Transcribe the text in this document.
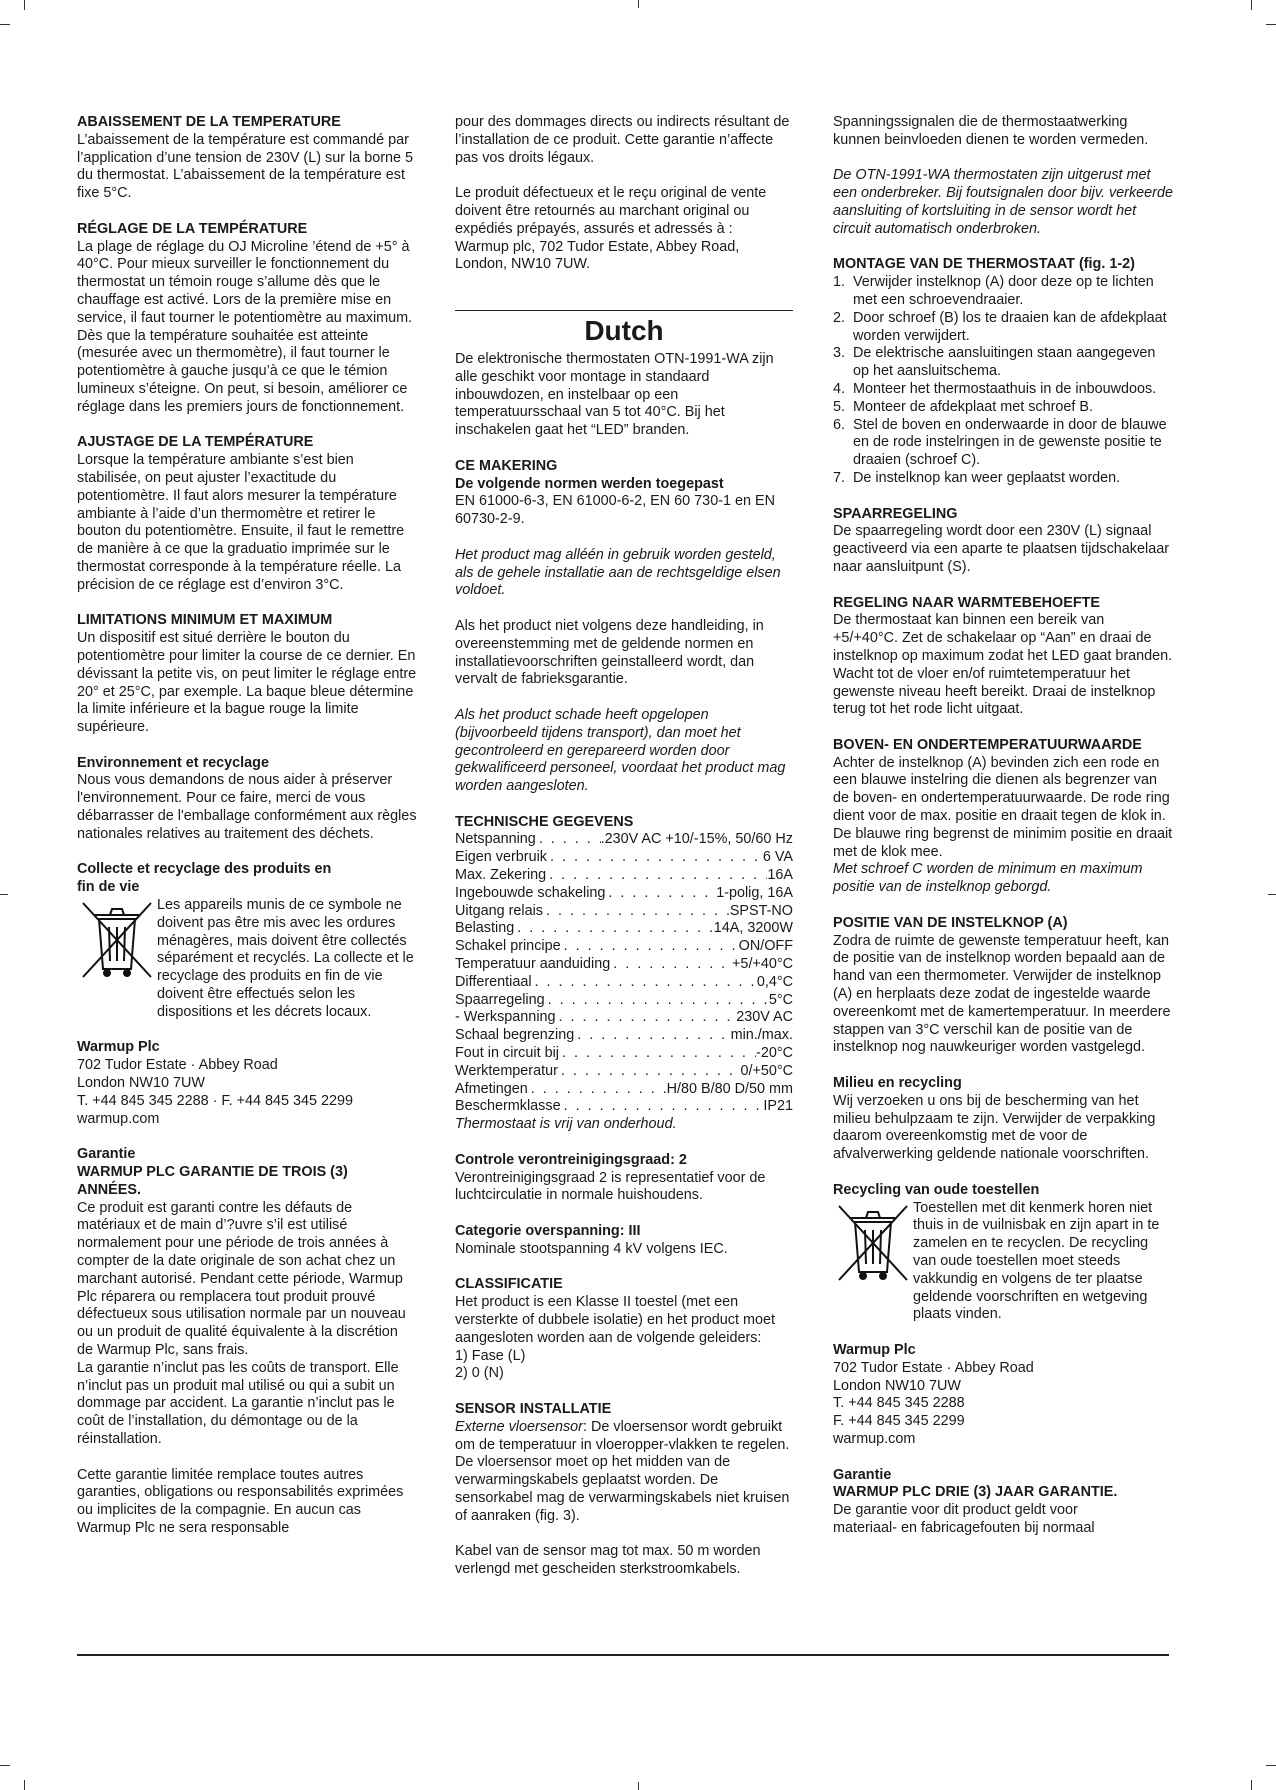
ABAISSEMENT DE LA TEMPERATURE

L’abaissement de la température est commandé par l’application d’une tension de 230V (L) sur la borne 5 du thermostat. L’abaissement de la température est fixe 5°C.

RÉGLAGE DE LA TEMPÉRATURE

La plage de réglage du OJ Microline ’étend de +5° à 40°C. Pour mieux surveiller le fonctionnement du thermostat un témoin rouge s’allume dès que le chauffage est activé. Lors de la première mise en service, il faut tourner le potentiomètre au maximum. Dès que la température souhaitée est atteinte (mesurée avec un thermomètre), il faut tourner le potentiomètre à gauche jusqu’à ce que le témion lumineux s’éteigne. On peut, si besoin, améliorer ce réglage dans les premiers jours de fonctionnement.

AJUSTAGE DE LA TEMPÉRATURE

Lorsque la température ambiante s’est bien stabilisée, on peut ajuster l’exactitude du potentiomètre. Il faut alors mesurer la température ambiante à l’aide d’un thermomètre et retirer le bouton du potentiomètre. Ensuite, il faut le remettre de manière à ce que la graduatio imprimée sur le thermostat corresponde à la température réelle. La précision de ce réglage est d’environ 3°C.

LIMITATIONS MINIMUM ET MAXIMUM

Un dispositif est situé derrière le bouton du potentiomètre pour limiter la course de ce dernier. En dévissant la petite vis, on peut limiter le réglage entre 20° et 25°C, par exemple. La baque bleue détermine la limite inférieure et la bague rouge la limite supérieure.

Environnement et recyclage

Nous vous demandons de nous aider à préserver l'environnement. Pour ce faire, merci de vous débarrasser de l'emballage conformément aux règles nationales relatives au traitement des déchets.

Collecte et recyclage des produits en fin de vie

Les appareils munis de ce symbole ne doivent pas être mis avec les ordures ménagères, mais doivent être collectés séparément et recyclés. La collecte et le recyclage des produits en fin de vie doivent être effectués selon les dispositions et les décrets locaux.

Warmup Plc

702 Tudor Estate · Abbey Road

London NW10 7UW

T. +44 845 345 2288 · F. +44 845 345 2299

warmup.com

Garantie

WARMUP PLC GARANTIE DE TROIS (3) ANNÉES.

Ce produit est garanti contre les défauts de matériaux et de main d’?uvre s’il est utilisé normalement pour une période de trois années à compter de la date originale de son achat chez un marchant autorisé. Pendant cette période, Warmup Plc réparera ou remplacera tout produit prouvé défectueux sous utilisation normale par un nouveau ou un produit de qualité équivalente à la discrétion de Warmup Plc, sans frais.

La garantie n’inclut pas les coûts de transport. Elle n’inclut pas un produit mal utilisé ou qui a subit un dommage par accident. La garantie n’inclut pas le coût de l’installation, du démontage ou de la réinstallation.

Cette garantie limitée remplace toutes autres garanties, obligations ou responsabilités exprimées ou implicites de la compagnie. En aucun cas Warmup Plc ne sera responsable

pour des dommages directs ou indirects résultant de l’installation de ce produit. Cette garantie n’affecte pas vos droits légaux.

Le produit défectueux et le reçu original de vente doivent être retournés au marchant original ou expédiés prépayés, assurés et adressés à :

Warmup plc, 702 Tudor Estate, Abbey Road, London, NW10 7UW.

Dutch

De elektronische thermostaten OTN-1991-WA zijn alle geschikt voor montage in standaard inbouwdozen, en instelbaar op een temperatuursschaal van 5 tot 40°C. Bij het inschakelen gaat het “LED” branden.

CE MAKERING

De volgende normen werden toegepast

EN 61000-6-3, EN 61000-6-2, EN 60 730-1 en EN 60730-2-9.

Het product mag alléén in gebruik worden gesteld, als de gehele installatie aan de rechtsgeldige elsen voldoet.

Als het product niet volgens deze handleiding, in overeenstemming met de geldende normen en installatievoorschriften geinstalleerd wordt, dan vervalt de fabrieksgarantie.

Als het product schade heeft opgelopen (bijvoorbeeld tijdens transport), dan moet het gecontroleerd en gerepareerd worden door gekwalificeerd personeel, voordaat het product mag worden aangesloten.

TECHNISCHE GEGEVENS

Netspanning . . .	.230V AC +10/-15%, 50/60 Hz
Eigen verbruik . . .	6 VA
Max. Zekering . . .	16A
Ingebouwde schakeling . . .	1-polig, 16A
Uitgang relais . . .	SPST-NO
Belasting . . .	14A, 3200W
Schakel principe . . .	ON/OFF
Temperatuur aanduiding . . .	+5/+40°C
Differentiaal . . .	0,4°C
Spaarregeling . . .	5°C
- Werkspanning . . .	230V AC
Schaal begrenzing . . .	min./max.
Fout in circuit bij . . .	-20°C
Werktemperatur . . .	0/+50°C
Afmetingen . . .	H/80 B/80 D/50 mm
Beschermklasse . . .	IP21

Thermostaat is vrij van onderhoud.

Controle verontreinigingsgraad: 2

Verontreinigingsgraad 2 is representatief voor de luchtcirculatie in normale huishoudens.

Categorie overspanning: III

Nominale stootspanning 4 kV volgens IEC.

CLASSIFICATIE

Het product is een Klasse II toestel (met een versterkte of dubbele isolatie) en het product moet aangesloten worden aan de volgende geleiders:

1) Fase (L)

2) 0 (N)

SENSOR INSTALLATIE

Externe vloersensor: De vloersensor wordt gebruikt om de temperatuur in vloeropper-vlakken te regelen. De vloersensor moet op het midden van de verwarmingskabels geplaatst worden. De sensorkabel mag de verwarmingskabels niet kruisen of aanraken (fig. 3).

Kabel van de sensor mag tot max. 50 m worden verlengd met gescheiden sterkstroomkabels.

Spanningssignalen die de thermostaatwerking kunnen beinvloeden dienen te worden vermeden.

De OTN-1991-WA thermostaten zijn uitgerust met een onderbreker. Bij foutsignalen door bijv. verkeerde aansluiting of kortsluiting in de sensor wordt het circuit automatisch onderbroken.

MONTAGE VAN DE THERMOSTAAT (fig. 1-2)

1. Verwijder instelknop (A) door deze op te lichten met een schroevendraaier.
2. Door schroef (B) los te draaien kan de afdekplaat worden verwijdert.
3. De elektrische aansluitingen staan aangegeven op het aansluitschema.
4. Monteer het thermostaathuis in de inbouwdoos.
5. Monteer de afdekplaat met schroef B.
6. Stel de boven en onderwaarde in door de blauwe en de rode instelringen in de gewenste positie te draaien (schroef C).
7. De instelknop kan weer geplaatst worden.

SPAARREGELING

De spaarregeling wordt door een 230V (L) signaal geactiveerd via een aparte te plaatsen tijdschakelaar naar aansluitpunt (S).

REGELING NAAR WARMTEBEHOEFTE

De thermostaat kan binnen een bereik van +5/+40°C. Zet de schakelaar op “Aan” en draai de instelknop op maximum zodat het LED gaat branden. Wacht tot de vloer en/of ruimtetemperatuur het gewenste niveau heeft bereikt. Draai de instelknop terug tot het rode licht uitgaat.

BOVEN- EN ONDERTEMPERATUURWAARDE

Achter de instelknop (A) bevinden zich een rode en een blauwe instelring die dienen als begrenzer van de boven- en ondertemperatuurwaarde. De rode ring dient voor de max. positie en draait tegen de klok in. De blauwe ring begrenst de minimim positie en draait met de klok mee.

Met schroef C worden de minimum en maximum positie van de instelknop geborgd.

POSITIE VAN DE INSTELKNOP (A)

Zodra de ruimte de gewenste temperatuur heeft, kan de positie van de instelknop worden bepaald aan de hand van een thermometer. Verwijder de instelknop (A) en herplaats deze zodat de ingestelde waarde overeenkomt met de kamertemperatuur. In meerdere stappen van 3°C verschil kan de positie van de instelknop nog nauwkeuriger worden vastgelegd.

Milieu en recycling

Wij verzoeken u ons bij de bescherming van het milieu behulpzaam te zijn. Verwijder de verpakking daarom overeenkomstig met de voor de afvalverwerking geldende nationale voorschriften.

Recycling van oude toestellen

Toestellen met dit kenmerk horen niet thuis in de vuilnisbak en zijn apart in te zamelen en te recyclen. De recycling van oude toestellen moet steeds vakkundig en volgens de ter plaatse geldende voorschriften en wetgeving plaats vinden.

Warmup Plc

702 Tudor Estate · Abbey Road

London NW10 7UW

T. +44 845 345 2288

F. +44 845 345 2299

warmup.com

Garantie

WARMUP PLC DRIE (3) JAAR GARANTIE.

De garantie voor dit product geldt voor materiaal- en fabricagefouten bij normaal
